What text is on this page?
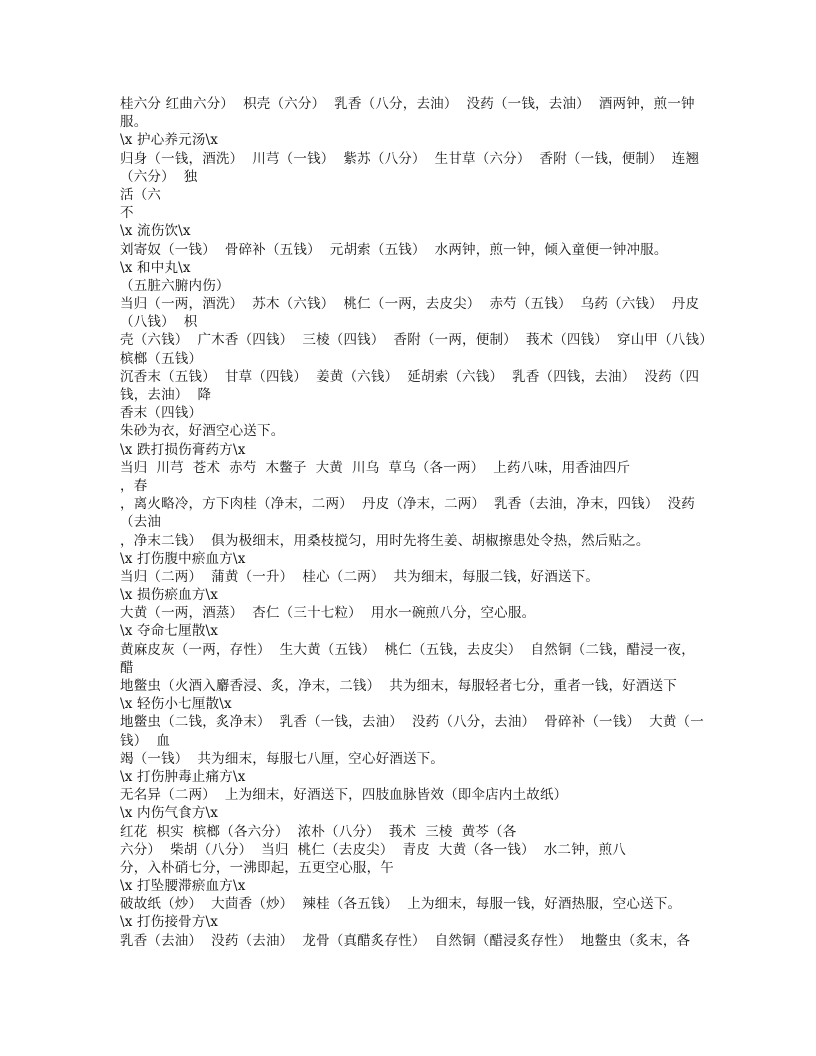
桂六分 红曲六分）  枳壳（六分）  乳香（八分，去油）  没药（一钱，去油）  酒两钟，煎一钟
服。
\x 护心养元汤\x
归身（一钱，酒洗）  川芎（一钱）  紫苏（八分）  生甘草（六分）  香附（一钱，便制）  连翘
（六分）  独
活（六
不
\x 流伤饮\x
刘寄奴（一钱）  骨碎补（五钱）  元胡索（五钱）  水两钟，煎一钟，倾入童便一钟冲服。
\x 和中丸\x
（五脏六腑内伤）
当归（一两，酒洗）  苏木（六钱）  桃仁（一两，去皮尖）  赤芍（五钱）  乌药（六钱）  丹皮
（八钱）  枳
壳（六钱）  广木香（四钱）  三棱（四钱）  香附（一两，便制）  莪术（四钱）  穿山甲（八钱）
槟榔（五钱）
沉香末（五钱）  甘草（四钱）  姜黄（六钱）  延胡索（六钱）  乳香（四钱，去油）  没药（四
钱，去油）  降
香末（四钱）
朱砂为衣，好酒空心送下。
\x 跌打损伤膏药方\x
当归  川芎  苍术  赤芍  木鳖子  大黄  川乌  草乌（各一两）  上药八味，用香油四斤
，春
，离火略冷，方下肉桂（净末，二两）  丹皮（净末，二两）  乳香（去油，净末，四钱）  没药
（去油
，净末二钱）  俱为极细末，用桑枝搅匀，用时先将生姜、胡椒擦患处令热，然后贴之。
\x 打伤腹中瘀血方\x
当归（二两）  蒲黄（一升）  桂心（二两）  共为细末，每服二钱，好酒送下。
\x 损伤瘀血方\x
大黄（一两，酒蒸）  杏仁（三十七粒）  用水一碗煎八分，空心服。
\x 夺命七厘散\x
黄麻皮灰（一两，存性）  生大黄（五钱）  桃仁（五钱，去皮尖）  自然铜（二钱，醋浸一夜，
醋
地鳖虫（火酒入麝香浸、炙，净末，二钱）  共为细末，每服轻者七分，重者一钱，好酒送下
\x 轻伤小七厘散\x
地鳖虫（二钱，炙净末）  乳香（一钱，去油）  没药（八分，去油）  骨碎补（一钱）  大黄（一
钱）  血
竭（一钱）  共为细末，每服七八厘，空心好酒送下。
\x 打伤肿毒止痛方\x
无名异（二两）  上为细末，好酒送下，四肢血脉皆效（即伞店内土故纸）
\x 内伤气食方\x
红花  枳实  槟榔（各六分）  浓朴（八分）  莪术  三棱  黄芩（各
六分）  柴胡（八分）  当归  桃仁（去皮尖）  青皮  大黄（各一钱）  水二钟，煎八
分，入朴硝七分，一沸即起，五更空心服，午
\x 打坠腰滞瘀血方\x
破故纸（炒）  大茴香（炒）  辣桂（各五钱）  上为细末，每服一钱，好酒热服，空心送下。
\x 打伤接骨方\x
乳香（去油）  没药（去油）  龙骨（真醋炙存性）  自然铜（醋浸炙存性）  地鳖虫（炙末，各
